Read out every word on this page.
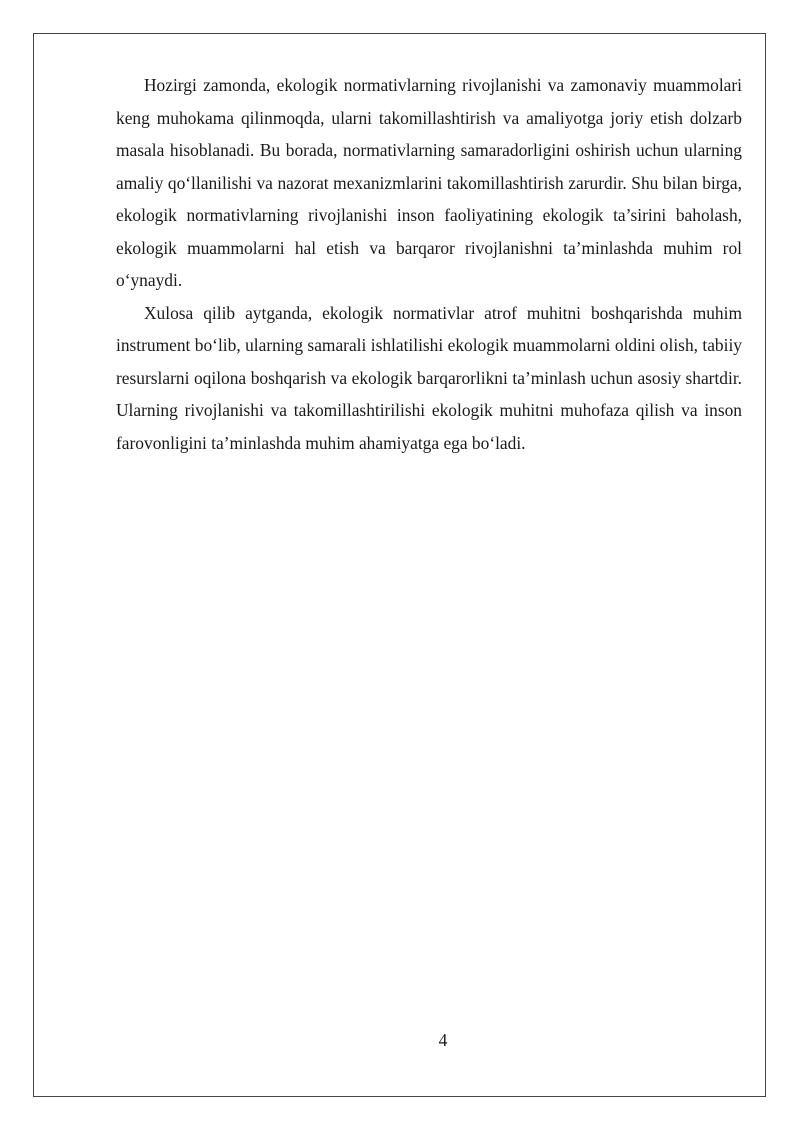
Hozirgi zamonda, ekologik normativlarning rivojlanishi va zamonaviy muammolari keng muhokama qilinmoqda, ularni takomillashtirish va amaliyotga joriy etish dolzarb masala hisoblanadi. Bu borada, normativlarning samaradorligini oshirish uchun ularning amaliy qo‘llanilishi va nazorat mexanizmlarini takomillashtirish zarurdir. Shu bilan birga, ekologik normativlarning rivojlanishi inson faoliyatining ekologik ta’sirini baholash, ekologik muammolarni hal etish va barqaror rivojlanishni ta’minlashda muhim rol o‘ynaydi.

Xulosa qilib aytganda, ekologik normativlar atrof muhitni boshqarishda muhim instrument bo‘lib, ularning samarali ishlatilishi ekologik muammolarni oldini olish, tabiiy resurslarni oqilona boshqarish va ekologik barqarorlikni ta’minlash uchun asosiy shartdir. Ularning rivojlanishi va takomillashtirilishi ekologik muhitni muhofaza qilish va inson farovonligini ta’minlashda muhim ahamiyatga ega bo‘ladi.

4
